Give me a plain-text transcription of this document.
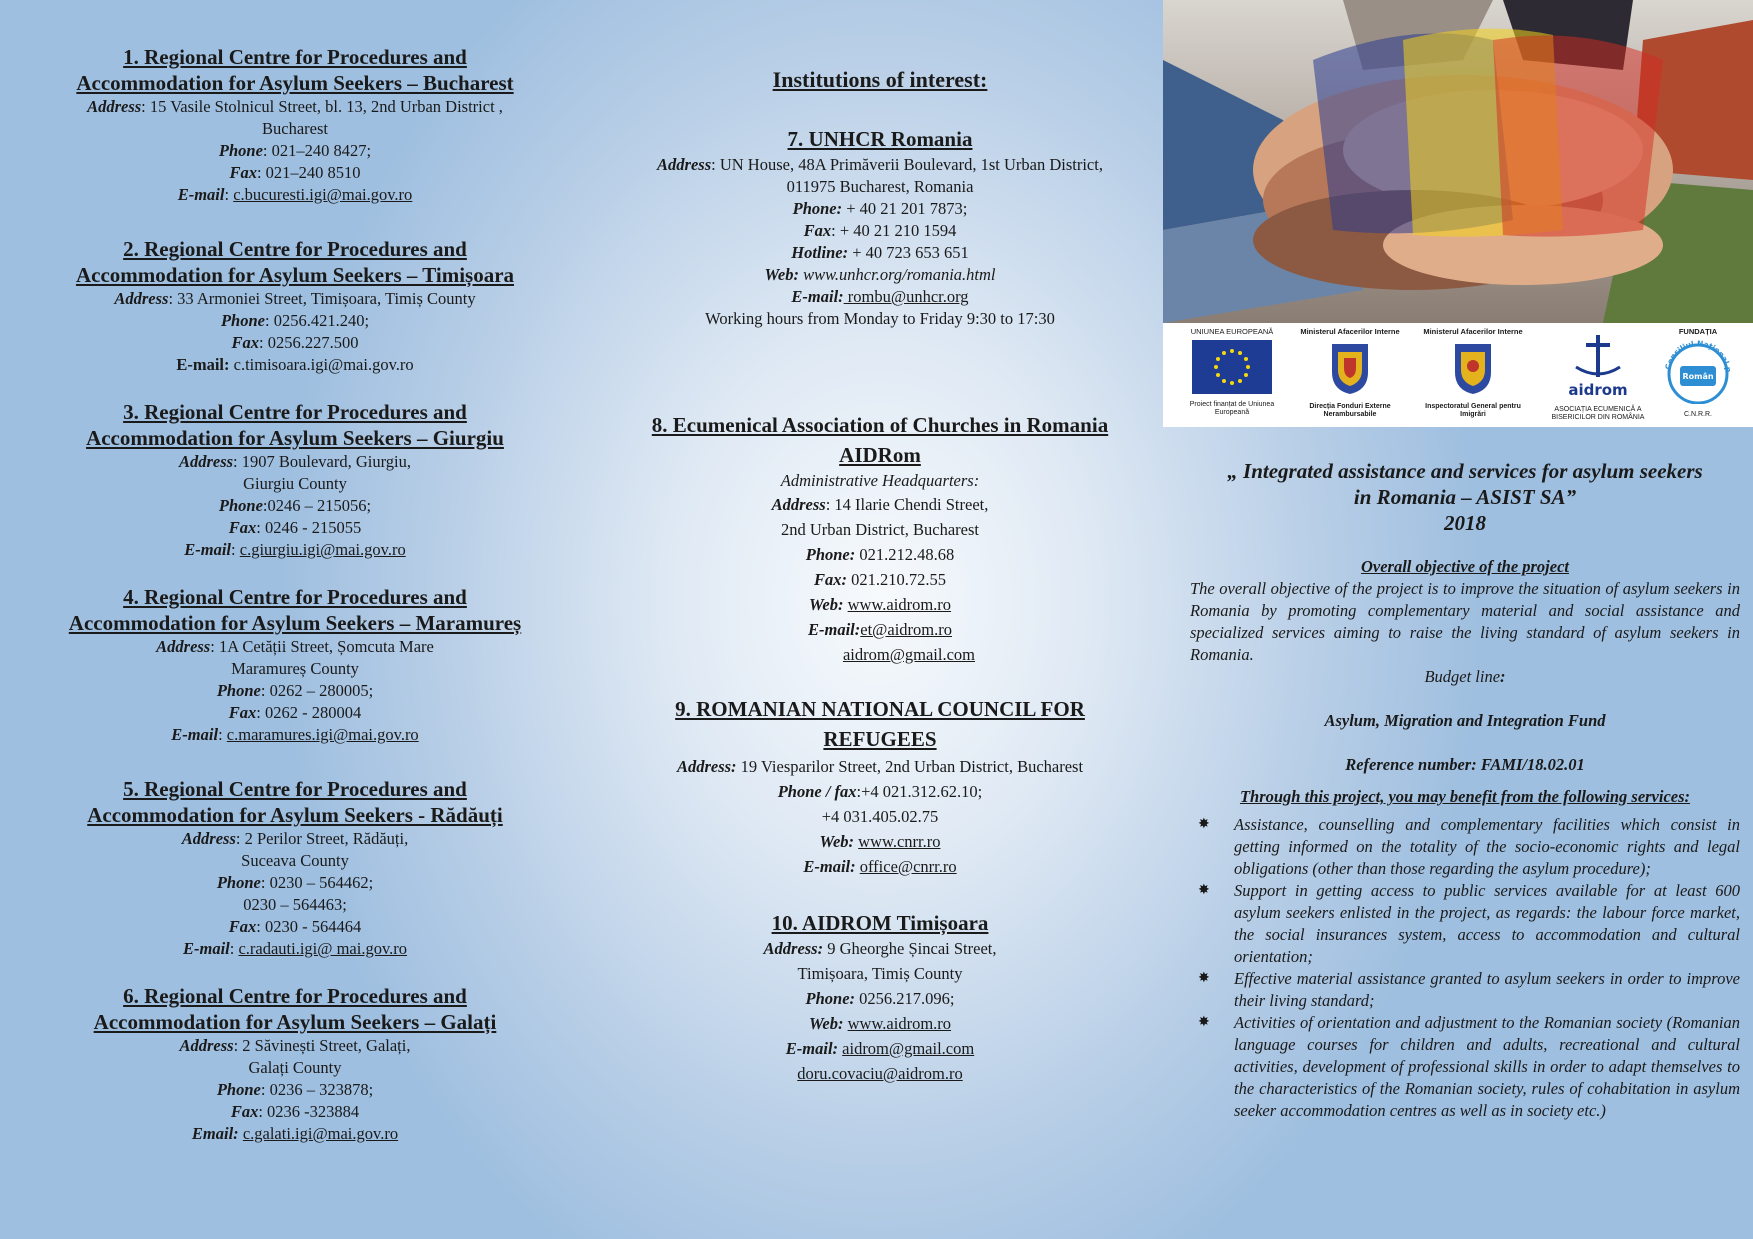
1. Regional Centre for Procedures and
Accommodation for Asylum Seekers – Bucharest

Address: 15 Vasile Stolnicul Street, bl. 13, 2nd Urban District ,
Bucharest

Phone: 021–240 8427;

Fax: 021–240 8510

E-mail: c.bucuresti.igi@mai.gov.ro

2. Regional Centre for Procedures and
Accommodation for Asylum Seekers – Timișoara

Address: 33 Armoniei Street, Timișoara, Timiș County

Phone: 0256.421.240;

Fax: 0256.227.500

E-mail: c.timisoara.igi@mai.gov.ro

3. Regional Centre for Procedures and
Accommodation for Asylum Seekers – Giurgiu

Address: 1907 Boulevard, Giurgiu,
Giurgiu County

Phone:0246 – 215056;

Fax: 0246 - 215055

E-mail: c.giurgiu.igi@mai.gov.ro

4. Regional Centre for Procedures and
Accommodation for Asylum Seekers – Maramureș

Address: 1A Cetății Street, Șomcuta Mare
Maramureș County

Phone: 0262 – 280005;

Fax: 0262 - 280004

E-mail: c.maramures.igi@mai.gov.ro

5. Regional Centre for Procedures and
Accommodation for Asylum Seekers - Rădăuți

Address: 2 Perilor Street, Rădăuți,
Suceava County

Phone: 0230 – 564462;
0230 – 564463;

Fax: 0230 - 564464

E-mail: c.radauti.igi@ mai.gov.ro

6. Regional Centre for Procedures and
Accommodation for Asylum Seekers – Galați

Address: 2 Săvinești Street, Galați,
Galați County

Phone: 0236 – 323878;

Fax: 0236 -323884

Email: c.galati.igi@mai.gov.ro

Institutions of interest:

7. UNHCR Romania

Address: UN House, 48A Primăverii Boulevard, 1st Urban District,
011975 Bucharest, Romania

Phone: + 40 21 201 7873;

Fax: + 40 21 210 1594

Hotline: + 40 723 653 651

Web: www.unhcr.org/romania.html

E-mail: rombu@unhcr.org

Working hours from Monday to Friday 9:30 to 17:30

8. Ecumenical Association of Churches in Romania
AIDRom

Administrative Headquarters:

Address: 14 Ilarie Chendi Street,
2nd Urban District, Bucharest

Phone: 021.212.48.68

Fax: 021.210.72.55

Web: www.aidrom.ro

E-mail:et@aidrom.ro
aidrom@gmail.com

9. ROMANIAN NATIONAL COUNCIL FOR
REFUGEES

Address: 19 Viesparilor Street, 2nd Urban District, Bucharest

Phone / fax:+4 021.312.62.10;
+4 031.405.02.75

Web: www.cnrr.ro

E-mail: office@cnrr.ro

10. AIDROM Timișoara

Address: 9 Gheorghe Șincai Street,
Timișoara, Timiș County

Phone: 0256.217.096;

Web: www.aidrom.ro

E-mail: aidrom@gmail.com
doru.covaciu@aidrom.ro

UNIUNEA EUROPEANĂ
Proiect finanțat de Uniunea Europeană
Ministerul Afacerilor Interne
Direcția Fonduri Externe Nerambursabile
Ministerul Afacerilor Interne
Inspectoratul General pentru Imigrări
aidrom
ASOCIAȚIA ECUMENICĂ A BISERICILOR DIN ROMÂNIA
FUNDAȚIA
Consiliul Național p
Român
C.N.R.R.

„ Integrated assistance and services for asylum seekers
in Romania – ASIST SA”
2018

Overall objective of the project

The overall objective of the project is to improve the situation of asylum seekers in Romania by promoting complementary material and social assistance and specialized services aiming to raise the living standard of asylum seekers in Romania.

Budget line:

Asylum, Migration and Integration Fund

Reference number: FAMI/18.02.01

Through this project, you may benefit from the following services:

✸ Assistance, counselling and complementary facilities which consist in getting informed on the totality of the socio-economic rights and legal obligations (other than those regarding the asylum procedure);
✸ Support in getting access to public services available for at least 600 asylum seekers enlisted in the project, as regards: the labour force market, the social insurances system, access to accommodation and cultural orientation;
✸ Effective material assistance granted to asylum seekers in order to improve their living standard;
✸ Activities of orientation and adjustment to the Romanian society (Romanian language courses for children and adults, recreational and cultural activities, development of professional skills in order to adapt themselves to the characteristics of the Romanian society, rules of cohabitation in asylum seeker accommodation centres as well as in society etc.)
